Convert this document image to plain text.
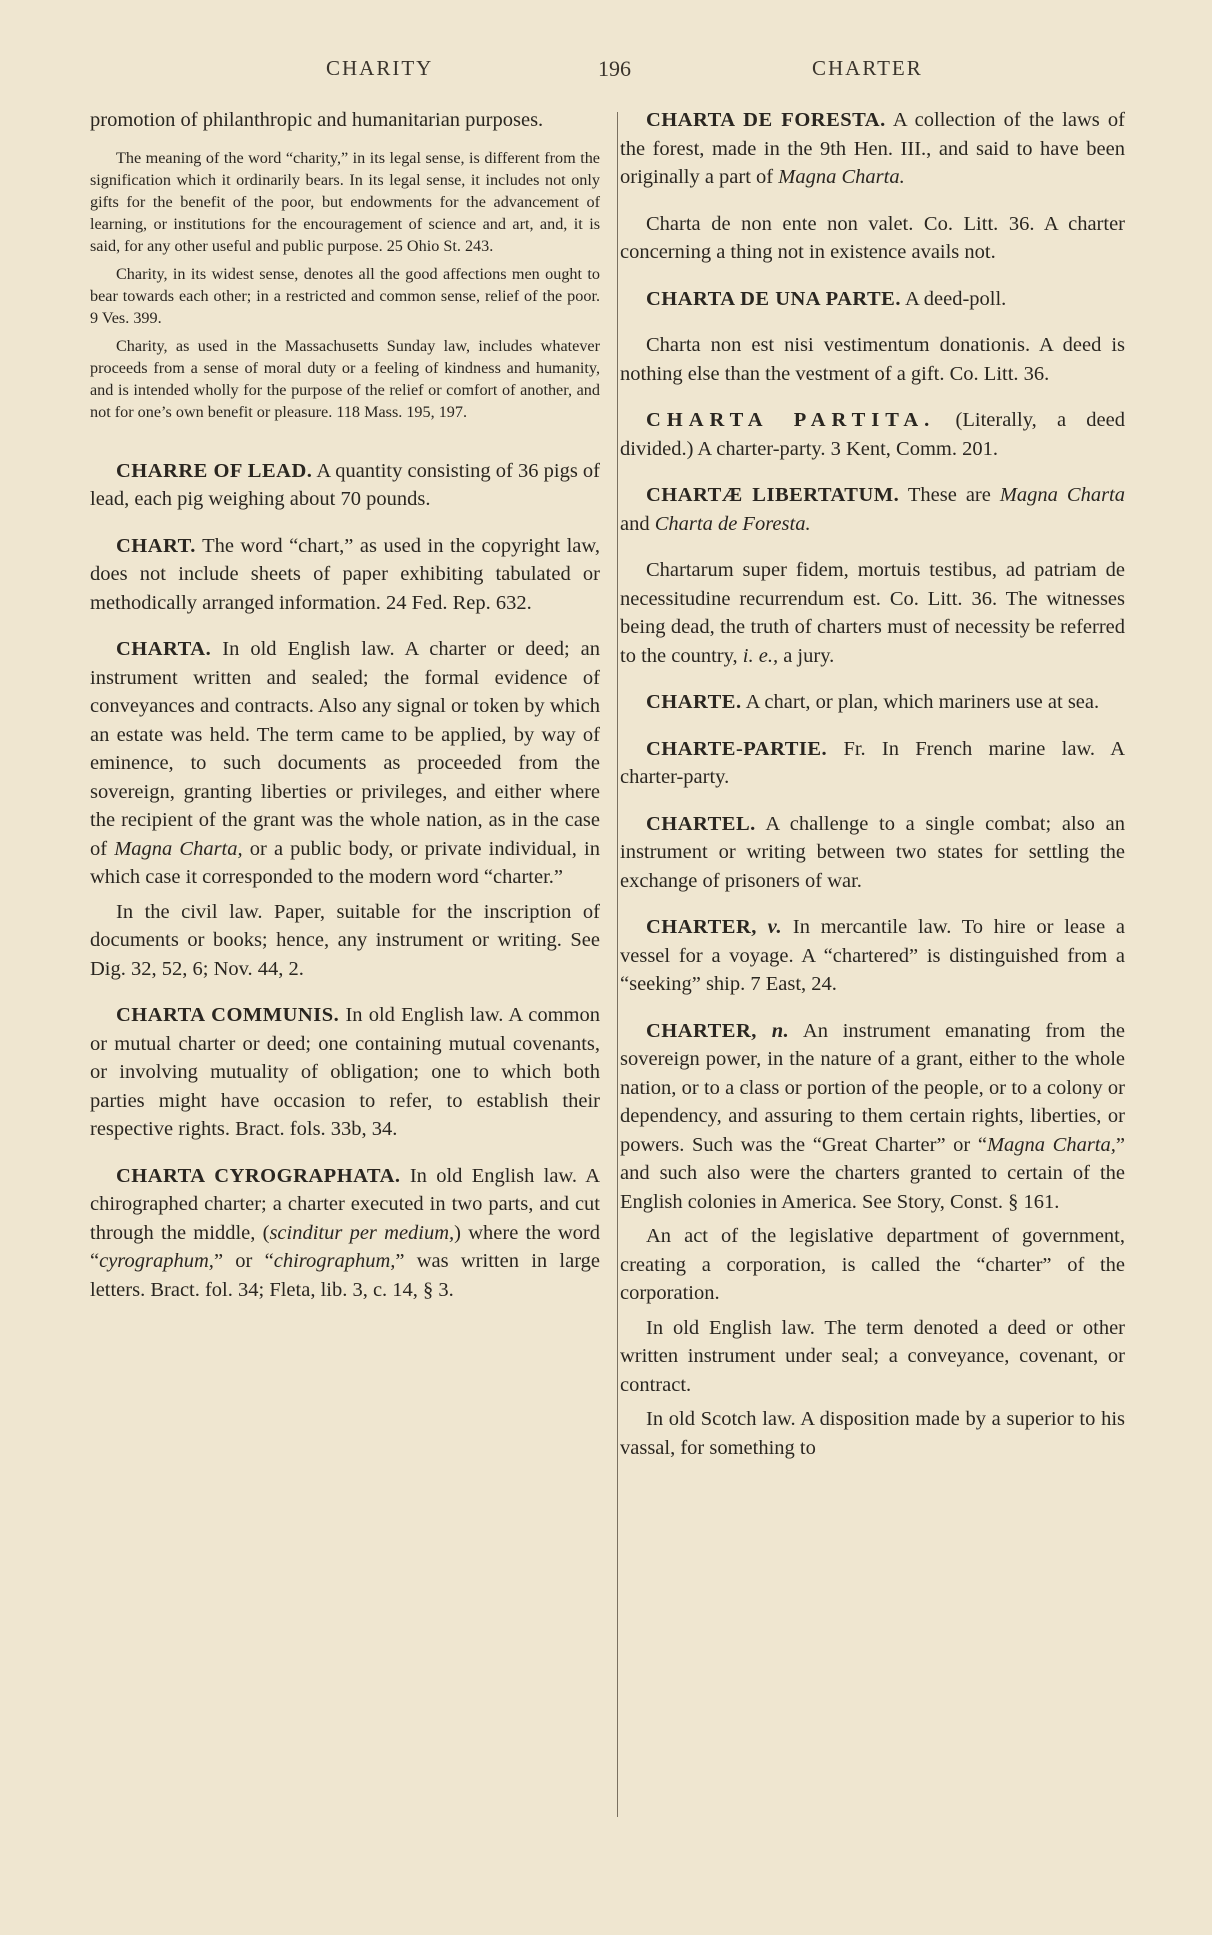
CHARITY	196	CHARTER

promotion of philanthropic and humanitarian purposes.

The meaning of the word “charity,” in its legal sense, is different from the signification which it ordinarily bears. In its legal sense, it includes not only gifts for the benefit of the poor, but endowments for the advancement of learning, or institutions for the encouragement of science and art, and, it is said, for any other useful and public purpose. 25 Ohio St. 243.

Charity, in its widest sense, denotes all the good affections men ought to bear towards each other; in a restricted and common sense, relief of the poor. 9 Ves. 399.

Charity, as used in the Massachusetts Sunday law, includes whatever proceeds from a sense of moral duty or a feeling of kindness and humanity, and is intended wholly for the purpose of the relief or comfort of another, and not for one’s own benefit or pleasure. 118 Mass. 195, 197.

CHARRE OF LEAD. A quantity consisting of 36 pigs of lead, each pig weighing about 70 pounds.

CHART. The word “chart,” as used in the copyright law, does not include sheets of paper exhibiting tabulated or methodically arranged information. 24 Fed. Rep. 632.

CHARTA. In old English law. A charter or deed; an instrument written and sealed; the formal evidence of conveyances and contracts. Also any signal or token by which an estate was held. The term came to be applied, by way of eminence, to such documents as proceeded from the sovereign, granting liberties or privileges, and either where the recipient of the grant was the whole nation, as in the case of Magna Charta, or a public body, or private individual, in which case it corresponded to the modern word “charter.”

In the civil law. Paper, suitable for the inscription of documents or books; hence, any instrument or writing. See Dig. 32, 52, 6; Nov. 44, 2.

CHARTA COMMUNIS. In old English law. A common or mutual charter or deed; one containing mutual covenants, or involving mutuality of obligation; one to which both parties might have occasion to refer, to establish their respective rights. Bract. fols. 33b, 34.

CHARTA CYROGRAPHATA. In old English law. A chirographed charter; a charter executed in two parts, and cut through the middle, (scinditur per medium,) where the word “cyrographum,” or “chirographum,” was written in large letters. Bract. fol. 34; Fleta, lib. 3, c. 14, § 3.

CHARTA DE FORESTA. A collection of the laws of the forest, made in the 9th Hen. III., and said to have been originally a part of Magna Charta.

Charta de non ente non valet. Co. Litt. 36. A charter concerning a thing not in existence avails not.

CHARTA DE UNA PARTE. A deed-poll.

Charta non est nisi vestimentum donationis. A deed is nothing else than the vestment of a gift. Co. Litt. 36.

CHARTA PARTITA. (Literally, a deed divided.) A charter-party. 3 Kent, Comm. 201.

CHARTÆ LIBERTATUM. These are Magna Charta and Charta de Foresta.

Chartarum super fidem, mortuis testibus, ad patriam de necessitudine recurrendum est. Co. Litt. 36. The witnesses being dead, the truth of charters must of necessity be referred to the country, i. e., a jury.

CHARTE. A chart, or plan, which mariners use at sea.

CHARTE-PARTIE. Fr. In French marine law. A charter-party.

CHARTEL. A challenge to a single combat; also an instrument or writing between two states for settling the exchange of prisoners of war.

CHARTER, v. In mercantile law. To hire or lease a vessel for a voyage. A “chartered” is distinguished from a “seeking” ship. 7 East, 24.

CHARTER, n. An instrument emanating from the sovereign power, in the nature of a grant, either to the whole nation, or to a class or portion of the people, or to a colony or dependency, and assuring to them certain rights, liberties, or powers. Such was the “Great Charter” or “Magna Charta,” and such also were the charters granted to certain of the English colonies in America. See Story, Const. § 161.

An act of the legislative department of government, creating a corporation, is called the “charter” of the corporation.

In old English law. The term denoted a deed or other written instrument under seal; a conveyance, covenant, or contract.

In old Scotch law. A disposition made by a superior to his vassal, for something to
